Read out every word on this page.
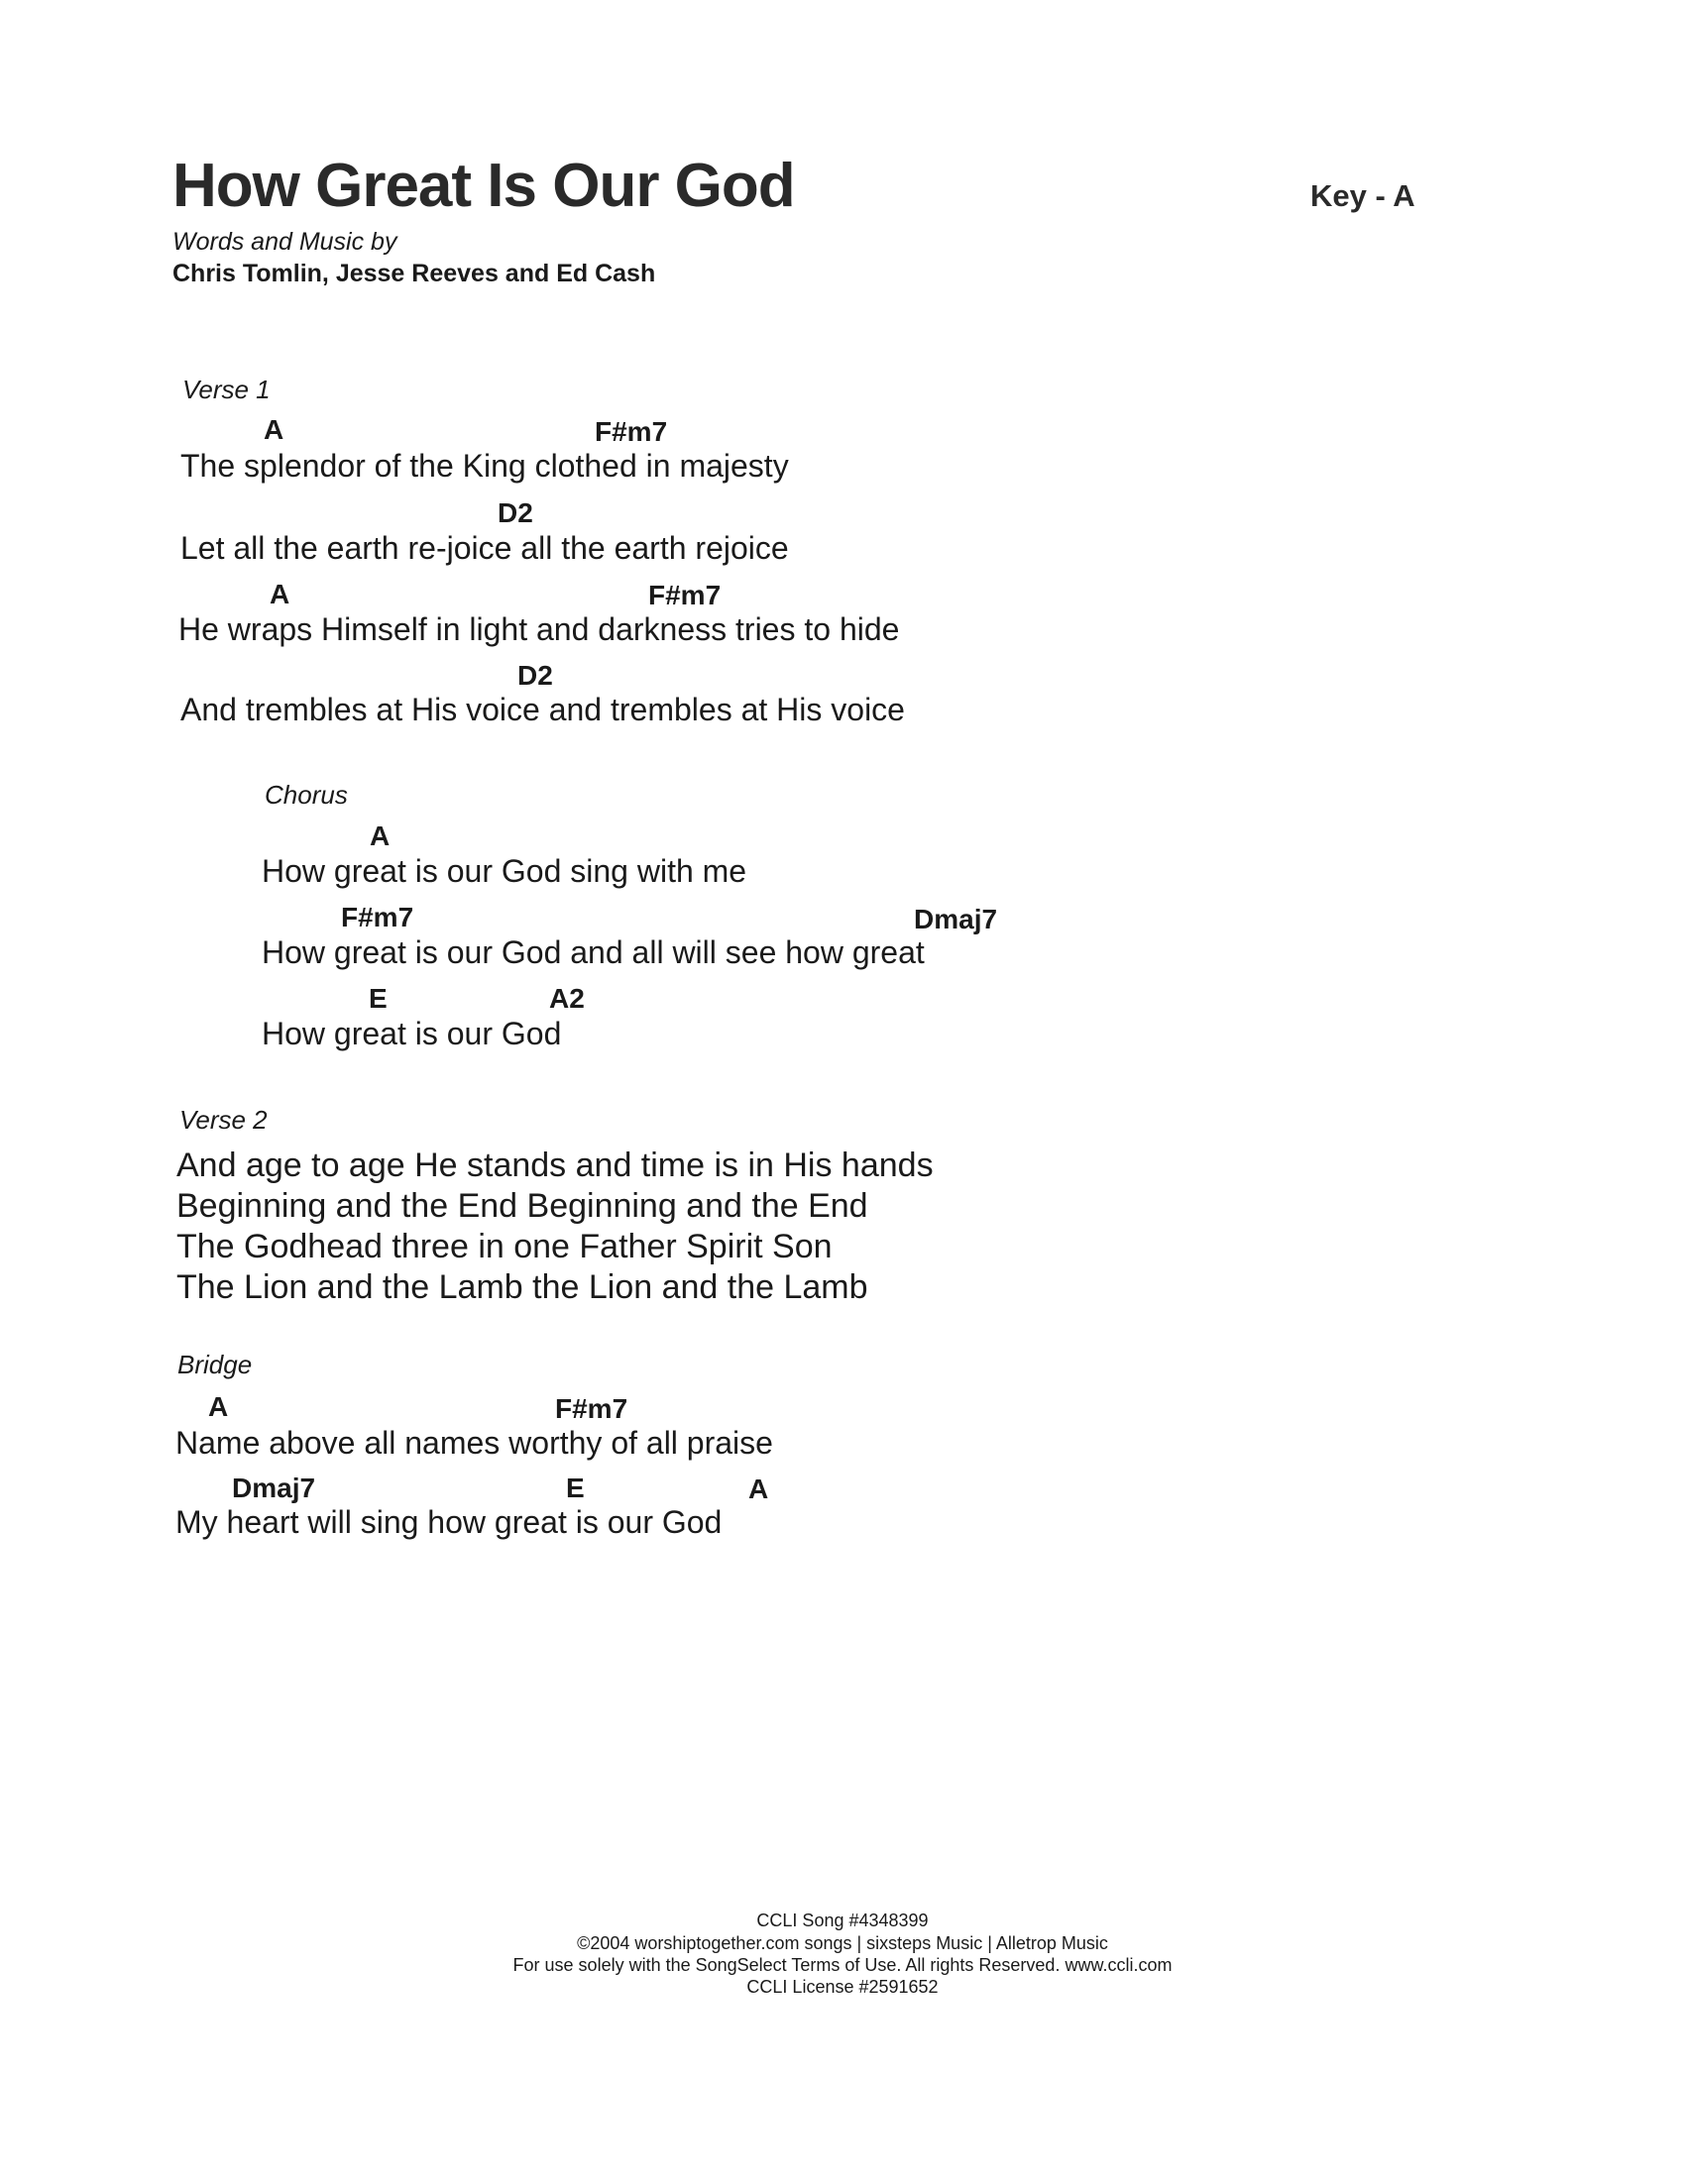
How Great Is Our God	Key - A
Words and Music by
Chris Tomlin, Jesse Reeves and Ed Cash
Verse 1
A	F#m7
The splendor of the King clothed in majesty
D2
Let all the earth re-joice all the earth rejoice
A	F#m7
He wraps Himself in light and darkness tries to hide
D2
And trembles at His voice and trembles at His voice
Chorus
A
How great is our God sing with me
F#m7	Dmaj7
How great is our God and all will see how great
E	A2
How great is our God
Verse 2
And age to age He stands and time is in His hands
Beginning and the End Beginning and the End
The Godhead three in one Father Spirit Son
The Lion and the Lamb the Lion and the Lamb
Bridge
A	F#m7
Name above all names worthy of all praise
Dmaj7	E	A
My heart will sing how great is our God
CCLI Song #4348399
©2004 worshiptogether.com songs | sixsteps Music | Alletrop Music
For use solely with the SongSelect Terms of Use. All rights Reserved. www.ccli.com
CCLI License #2591652
